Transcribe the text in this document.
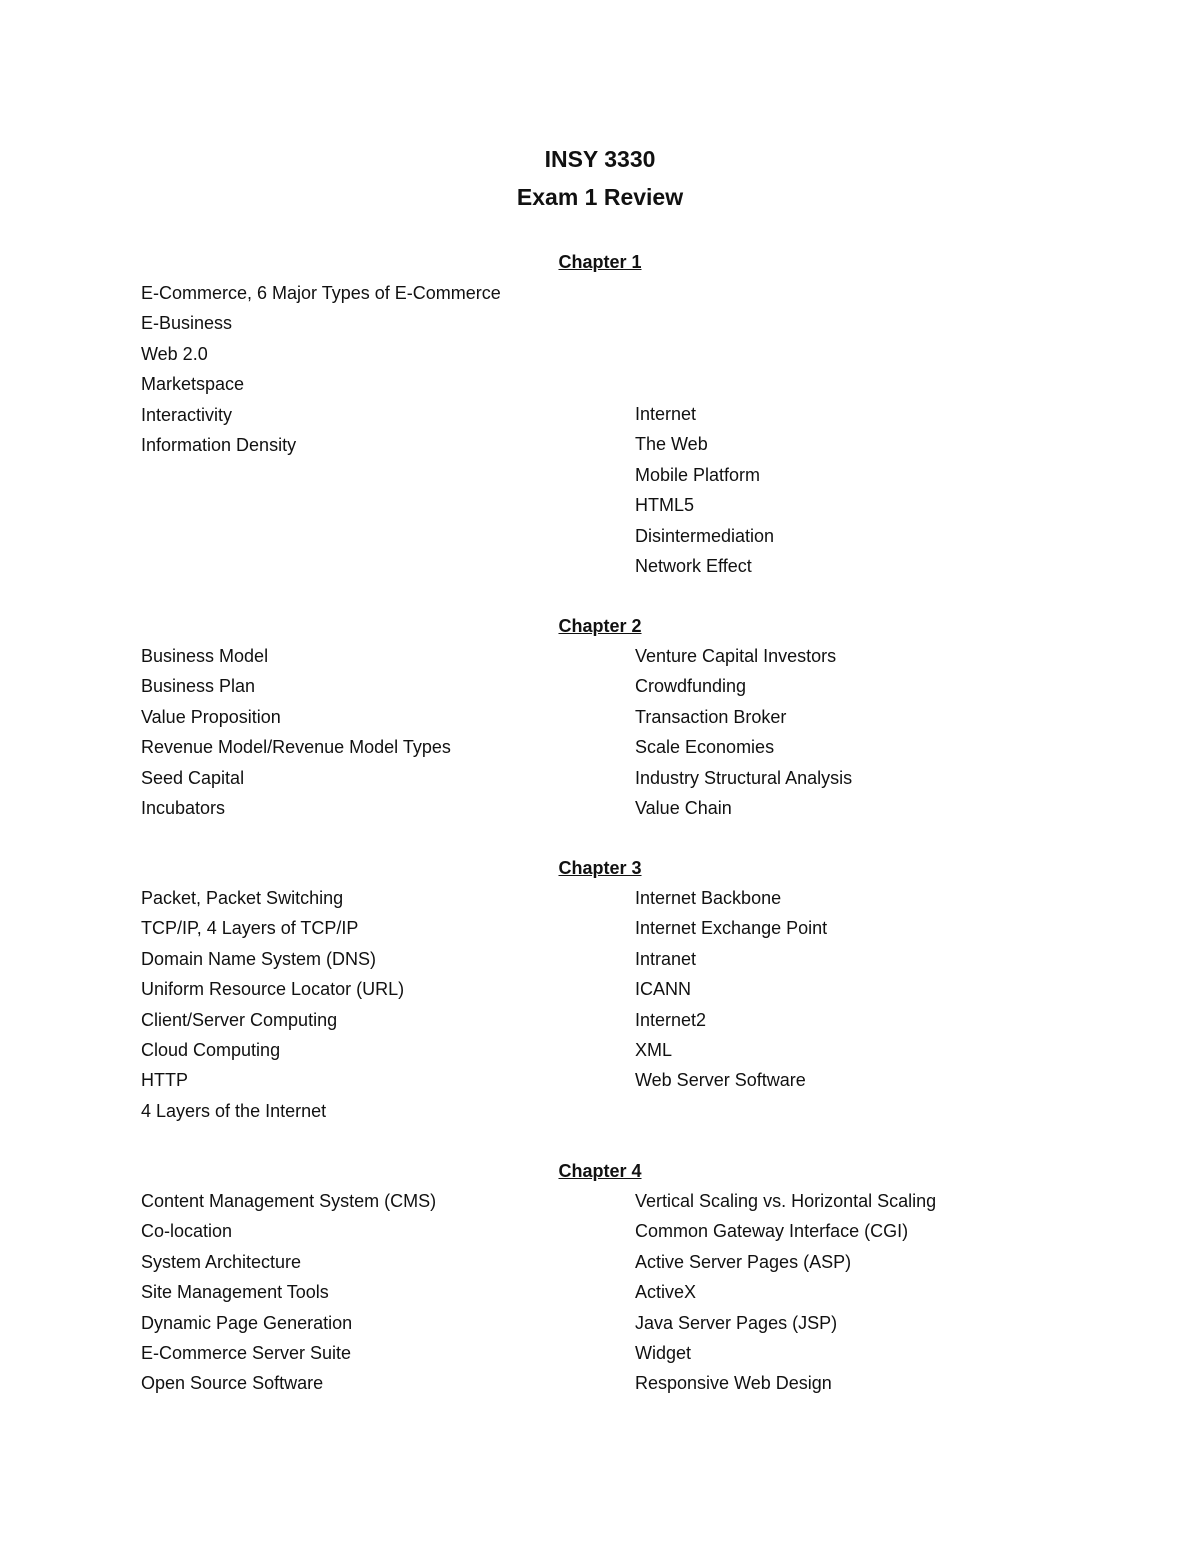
INSY 3330
Exam 1 Review
Chapter 1
E-Commerce, 6 Major Types of E-Commerce
E-Business
Web 2.0
Marketspace
Interactivity
Information Density
Internet
The Web
Mobile Platform
HTML5
Disintermediation
Network Effect
Chapter 2
Business Model
Business Plan
Value Proposition
Revenue Model/Revenue Model Types
Seed Capital
Incubators
Venture Capital Investors
Crowdfunding
Transaction Broker
Scale Economies
Industry Structural Analysis
Value Chain
Chapter 3
Packet, Packet Switching
TCP/IP, 4 Layers of TCP/IP
Domain Name System (DNS)
Uniform Resource Locator (URL)
Client/Server Computing
Cloud Computing
HTTP
4 Layers of the Internet
Internet Backbone
Internet Exchange Point
Intranet
ICANN
Internet2
XML
Web Server Software
Chapter 4
Content Management System (CMS)
Co-location
System Architecture
Site Management Tools
Dynamic Page Generation
E-Commerce Server Suite
Open Source Software
Vertical Scaling vs. Horizontal Scaling
Common Gateway Interface (CGI)
Active Server Pages (ASP)
ActiveX
Java Server Pages (JSP)
Widget
Responsive Web Design
